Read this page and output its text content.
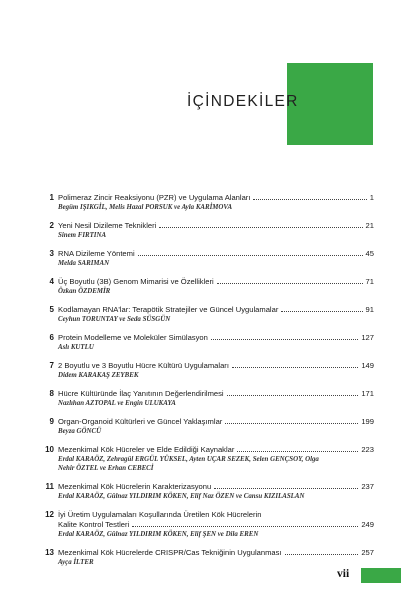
İÇİNDEKİLER
1 Polimeraz Zincir Reaksiyonu (PZR) ve Uygulama Alanları	1
Begüm IŞIKGİL, Melis Hazal PORSUK ve Ayla KARİMOVA
2 Yeni Nesil Dizileme Teknikleri	21
Sinem FIRTINA
3 RNA Dizileme Yöntemi	45
Melda SARIMAN
4 Üç Boyutlu (3B) Genom Mimarisi ve Özellikleri	71
Özkan ÖZDEMİR
5 Kodlamayan RNA'lar: Terapötik Stratejiler ve Güncel Uygulamalar	91
Ceyhun TORUNTAY ve Seda SÜSGÜN
6 Protein Modelleme ve Moleküler Simülasyon	127
Aslı KUTLU
7 2 Boyutlu ve 3 Boyutlu Hücre Kültürü Uygulamaları	149
Didem KARAKAŞ ZEYBEK
8 Hücre Kültüründe İlaç Yanıtının Değerlendirilmesi	171
Nazlıhan AZTOPAL ve Engin ULUKAYA
9 Organ-Organoid Kültürleri ve Güncel Yaklaşımlar	199
Beyza GÖNCÜ
10 Mezenkimal Kök Hücreler ve Elde Edildiği Kaynaklar	223
Erdal KARAÖZ, Zehragül ERGÜL YÜKSEL, Ayten UÇAR SEZEK, Selen GENÇSOY, Olga
Nehir ÖZTEL ve Erhan CEBECİ
11 Mezenkimal Kök Hücrelerin Karakterizasyonu	237
Erdal KARAÖZ, Gülnaz YILDIRIM KÖKEN, Elif Naz ÖZEN ve Cansu KIZILASLAN
12 İyi Üretim Uygulamaları Koşullarında Üretilen Kök Hücrelerin
Kalite Kontrol Testleri	249
Erdal KARAÖZ, Gülnaz YILDIRIM KÖKEN, Elif ŞEN ve Dila EREN
13 Mezenkimal Kök Hücrelerde CRISPR/Cas Tekniğinin Uygulanması	257
Ayça İLTER
vii
